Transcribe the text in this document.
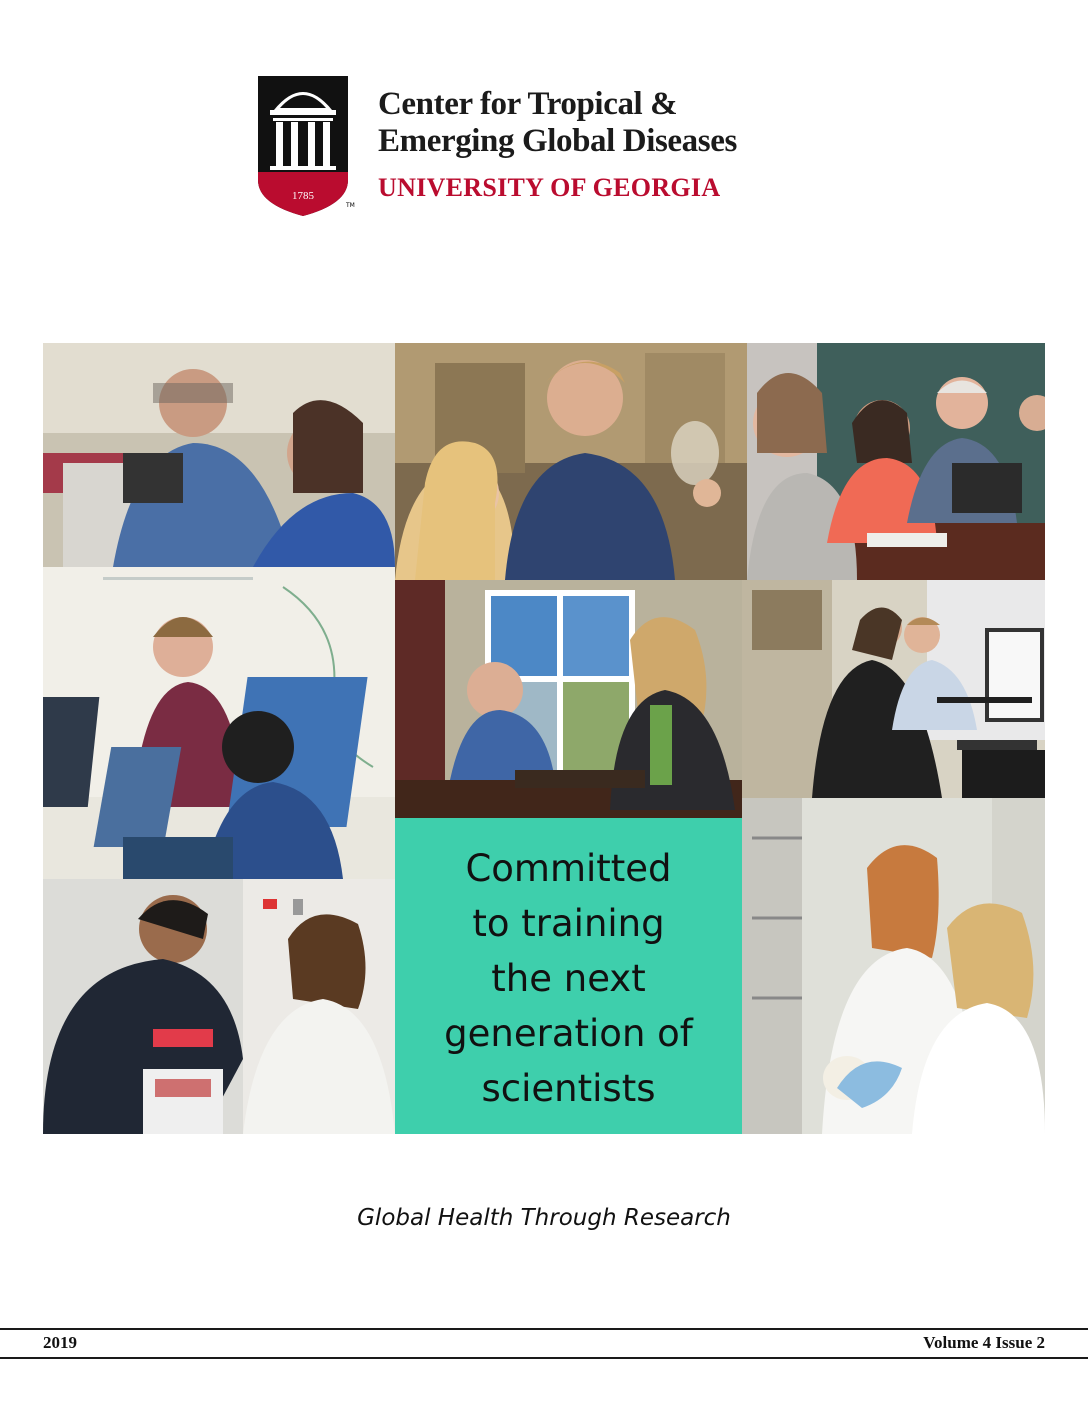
1785
TM
Center for Tropical &
Emerging Global Diseases
UNIVERSITY OF GEORGIA
Committed
to training
the next
generation of
scientists
Global Health Through Research
2019	Volume 4 Issue 2
